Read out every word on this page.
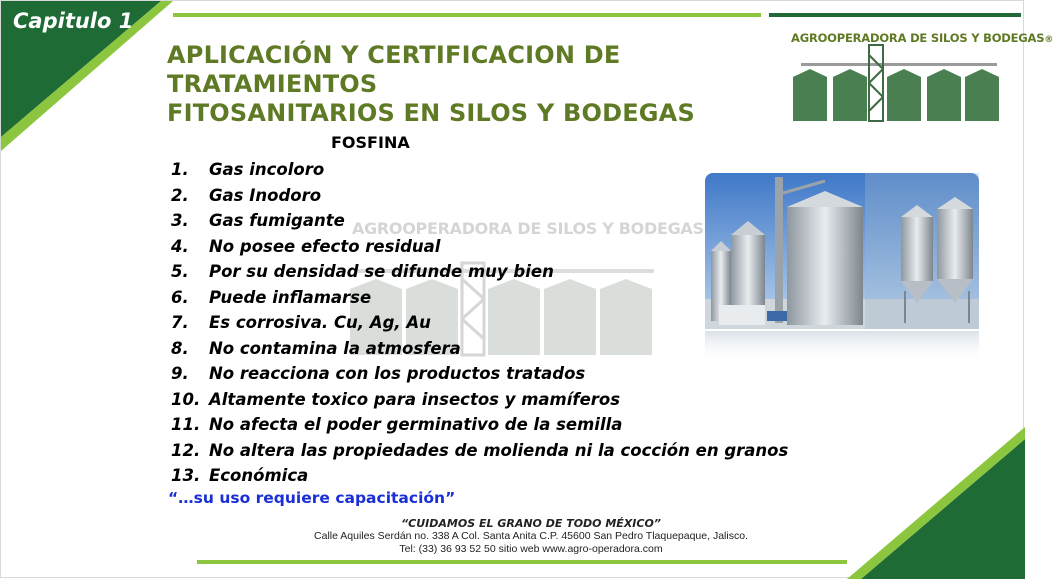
Capitulo 1
APLICACIÓN Y CERTIFICACION DE TRATAMIENTOS
FITOSANITARIOS EN SILOS Y BODEGAS
AGROOPERADORA DE SILOS Y BODEGAS®
AGROOPERADORA DE SILOS Y BODEGAS
FOSFINA
1.	Gas incoloro
2.	Gas Inodoro
3.	Gas fumigante
4.	No posee efecto residual
5.	Por su densidad se difunde muy bien
6.	Puede inflamarse
7.	Es corrosiva. Cu, Ag, Au
8.	No contamina la atmosfera
9.	No reacciona con los productos tratados
10. Altamente toxico para insectos y mamíferos
11. No afecta el poder germinativo de la semilla
12. No altera las propiedades de molienda ni la cocción en granos
13. Económica
“…su uso requiere capacitación”
“CUIDAMOS EL GRANO DE TODO MÉXICO”
Calle Aquiles Serdán no. 338 A Col. Santa Anita C.P. 45600 San Pedro Tlaquepaque, Jalisco.
Tel: (33) 36 93 52 50 sitio web www.agro-operadora.com
